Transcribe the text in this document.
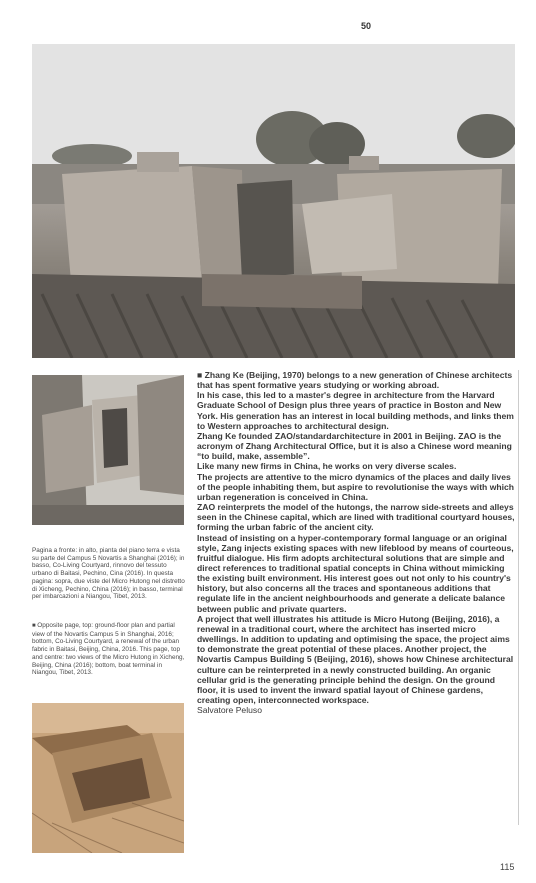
50
Pagina a fronte: in alto, pianta del piano terra e vista su parte del Campus 5 Novartis a Shanghai (2016); in basso, Co-Living Courtyard, rinnovo del tessuto urbano di Baitasi, Pechino, Cina (2016). In questa pagina: sopra, due viste del Micro Hutong nel distretto di Xicheng, Pechino, China (2016); in basso, terminal per imbarcazioni a Niangou, Tibet, 2013.
■ Opposite page, top: ground-floor plan and partial view of the Novartis Campus 5 in Shanghai, 2016; bottom, Co-Living Courtyard, a renewal of the urban fabric in Baitasi, Beijing, China, 2016. This page, top and centre: two views of the Micro Hutong in Xicheng, Beijing, China (2016); bottom, boat terminal in Niangou, Tibet, 2013.

■ Zhang Ke (Beijing, 1970) belongs to a new generation of Chinese architects that has spent formative years studying or working abroad.

In his case, this led to a master's degree in architecture from the Harvard Graduate School of Design plus three years of practice in Boston and New York. His generation has an interest in local building methods, and links them to Western approaches to architectural design.

Zhang Ke founded ZAO/standardarchitecture in 2001 in Beijing. ZAO is the acronym of Zhang Architectural Office, but it is also a Chinese word meaning “to build, make, assemble”.

Like many new firms in China, he works on very diverse scales.

The projects are attentive to the micro dynamics of the places and daily lives of the people inhabiting them, but aspire to revolutionise the ways with which urban regeneration is conceived in China.

ZAO reinterprets the model of the hutongs, the narrow side-streets and alleys seen in the Chinese capital, which are lined with traditional courtyard houses, forming the urban fabric of the ancient city.

Instead of insisting on a hyper-contemporary formal language or an original style, Zang injects existing spaces with new lifeblood by means of courteous, fruitful dialogue. His firm adopts architectural solutions that are simple and direct references to traditional spatial concepts in China without mimicking the existing built environment. His interest goes out not only to his country's history, but also concerns all the traces and spontaneous additions that regulate life in the ancient neighbourhoods and generate a delicate balance between public and private quarters.

A project that well illustrates his attitude is Micro Hutong (Beijing, 2016), a renewal in a traditional court, where the architect has inserted micro dwellings. In addition to updating and optimising the space, the project aims to demonstrate the great potential of these places. Another project, the Novartis Campus Building 5 (Beijing, 2016), shows how Chinese architectural culture can be reinterpreted in a newly constructed building. An organic cellular grid is the generating principle behind the design. On the ground floor, it is used to invent the inward spatial layout of Chinese gardens, creating open, interconnected workspace.

Salvatore Peluso

115
